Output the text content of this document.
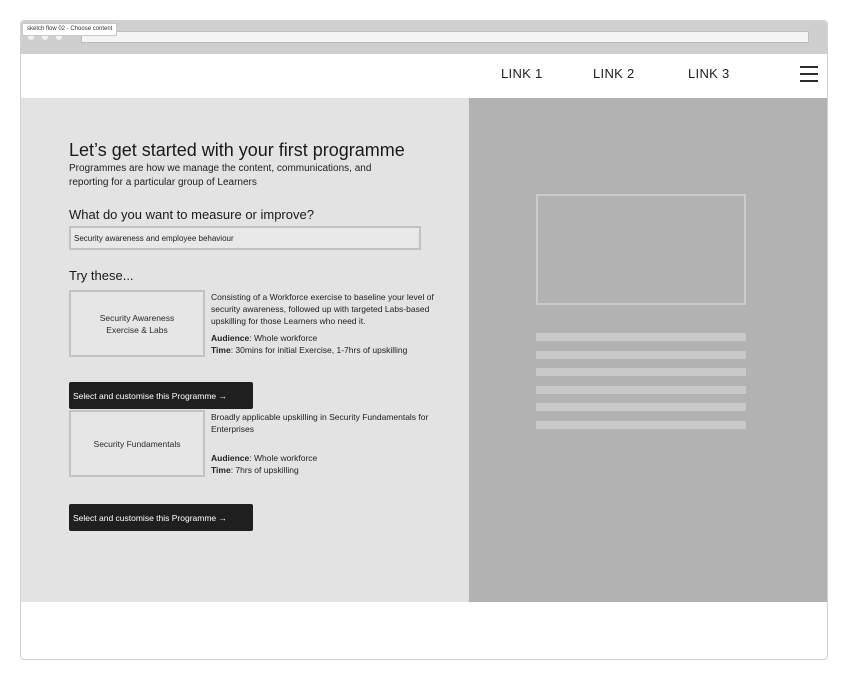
sketch flow 02 - Choose content
LINK 1	LINK 2	LINK 3
Let’s get started with your first programme
Programmes are how we manage the content, communications, and reporting for a particular group of Learners
What do you want to measure or improve?
Security awareness and employee behaviour
Try these...
Security Awareness Exercise & Labs
Consisting of a Workforce exercise to baseline your level of security awareness, followed up with targeted Labs-based upskilling for those Learners who need it.
Audience: Whole workforce
Time: 30mins for initial Exercise, 1-7hrs of upskilling
Select and customise this Programme →
Security Fundamentals
Broadly applicable upskilling in Security Fundamentals for Enterprises
Audience: Whole workforce
Time: 7hrs of upskilling
Select and customise this Programme →
